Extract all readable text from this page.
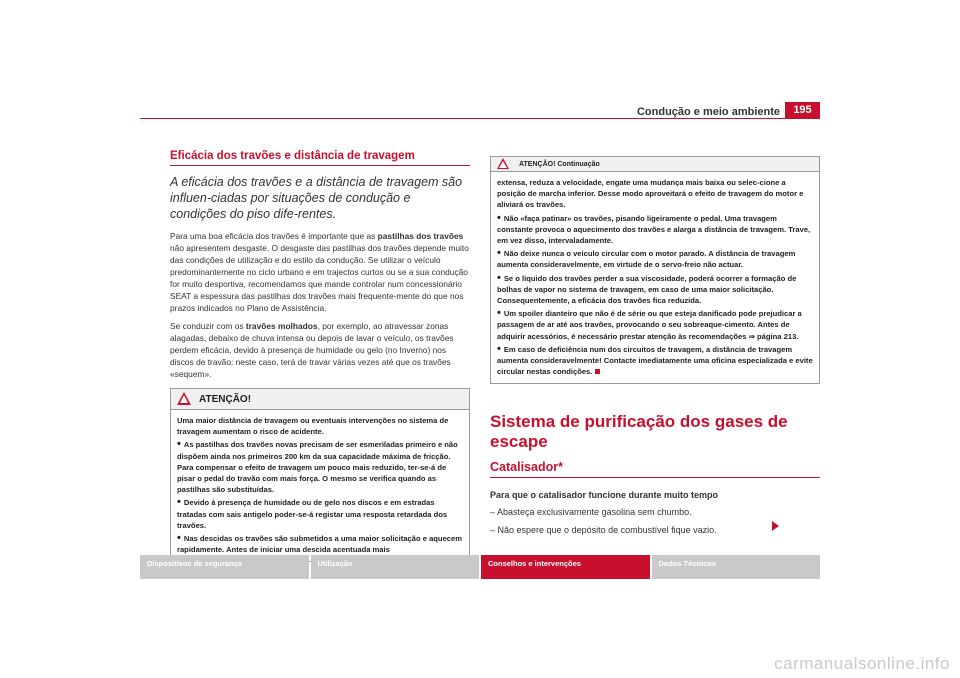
Condução e meio ambiente	195
Eficácia dos travões e distância de travagem
A eficácia dos travões e a distância de travagem são influen-ciadas por situações de condução e condições do piso dife-rentes.

Para uma boa eficácia dos travões é importante que as pastilhas dos travões não apresentem desgaste. O desgaste das pastilhas dos travões depende muito das condições de utilização e do estilo da condução. Se utilizar o veículo predominantemente no ciclo urbano e em trajectos curtos ou se a sua condução for muito desportiva, recomendamos que mande controlar num concessionário SEAT a espessura das pastilhas dos travões mais frequente-mente do que nos prazos indicados no Plano de Assistência.

Se conduzir com os travões molhados, por exemplo, ao atravessar zonas alagadas, debaixo de chuva intensa ou depois de lavar o veículo, os travões perdem eficácia, devido à presença de humidade ou gelo (no Inverno) nos discos de travão: neste caso, terá de travar várias vezes até que os travões «sequem».

ATENÇÃO!

Uma maior distância de travagem ou eventuais intervenções no sistema de travagem aumentam o risco de acidente.

• As pastilhas dos travões novas precisam de ser esmeriladas primeiro e não dispõem ainda nos primeiros 200 km da sua capacidade máxima de fricção. Para compensar o efeito de travagem um pouco mais reduzido, ter-se-á de pisar o pedal do travão com mais força. O mesmo se verifica quando as pastilhas são substituídas.

• Devido à presença de humidade ou de gelo nos discos e em estradas tratadas com sais antigelo poder-se-á registar uma resposta retardada dos travões.

• Nas descidas os travões são submetidos a uma maior solicitação e aquecem rapidamente. Antes de iniciar uma descida acentuada mais

ATENÇÃO! Continuação

extensa, reduza a velocidade, engate uma mudança mais baixa ou selec-cione a posição de marcha inferior. Desse modo aproveitará o efeito de travagem do motor e aliviará os travões.

• Não «faça patinar» os travões, pisando ligeiramente o pedal. Uma travagem constante provoca o aquecimento dos travões e alarga a distância de travagem. Trave, em vez disso, intervaladamente.

• Não deixe nunca o veículo circular com o motor parado. A distância de travagem aumenta consideravelmente, em virtude de o servo-freio não actuar.

• Se o líquido dos travões perder a sua viscosidade, poderá ocorrer a formação de bolhas de vapor no sistema de travagem, em caso de uma maior solicitação. Consequentemente, a eficácia dos travões fica reduzida.

• Um spoiler dianteiro que não é de série ou que esteja danificado pode prejudicar a passagem de ar até aos travões, provocando o seu sobreaque-cimento. Antes de adquirir acessórios, é necessário prestar atenção às recomendações ⇒ página 213.

• Em caso de deficiência num dos circuitos de travagem, a distância de travagem aumenta consideravelmente! Contacte imediatamente uma oficina especializada e evite circular nestas condições.

Sistema de purificação dos gases de escape
Catalisador*
Para que o catalisador funcione durante muito tempo
– Abasteça exclusivamente gasolina sem chumbo.
– Não espere que o depósito de combustível fique vazio.
Dispositivos de segurança	Utilização	Conselhos e intervenções	Dados Técnicos
carmanualsonline.info
